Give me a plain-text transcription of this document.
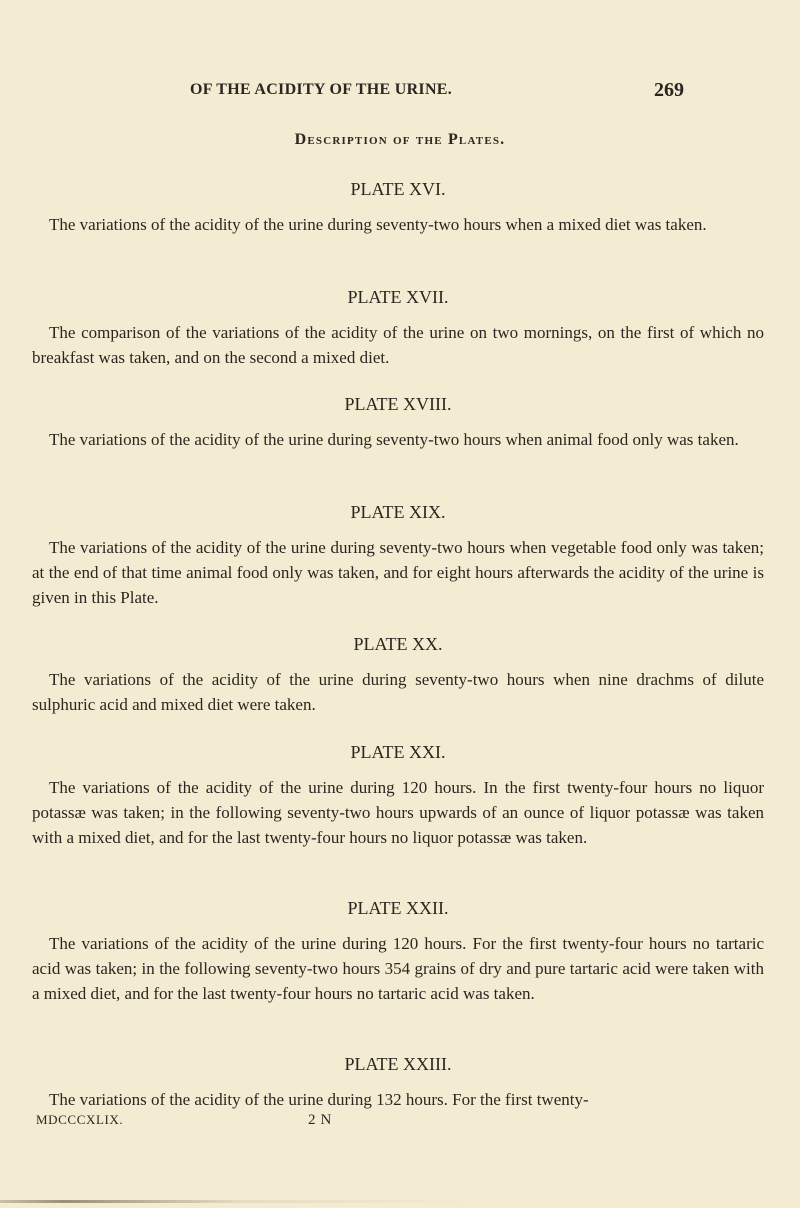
OF THE ACIDITY OF THE URINE.	269
Description of the Plates.
PLATE XVI.

The variations of the acidity of the urine during seventy-two hours when a mixed diet was taken.

PLATE XVII.

The comparison of the variations of the acidity of the urine on two mornings, on the first of which no breakfast was taken, and on the second a mixed diet.

PLATE XVIII.

The variations of the acidity of the urine during seventy-two hours when animal food only was taken.

PLATE XIX.

The variations of the acidity of the urine during seventy-two hours when vegetable food only was taken; at the end of that time animal food only was taken, and for eight hours afterwards the acidity of the urine is given in this Plate.

PLATE XX.

The variations of the acidity of the urine during seventy-two hours when nine drachms of dilute sulphuric acid and mixed diet were taken.

PLATE XXI.

The variations of the acidity of the urine during 120 hours. In the first twenty-four hours no liquor potassæ was taken; in the following seventy-two hours upwards of an ounce of liquor potassæ was taken with a mixed diet, and for the last twenty-four hours no liquor potassæ was taken.

PLATE XXII.

The variations of the acidity of the urine during 120 hours. For the first twenty-four hours no tartaric acid was taken; in the following seventy-two hours 354 grains of dry and pure tartaric acid were taken with a mixed diet, and for the last twenty-four hours no tartaric acid was taken.

PLATE XXIII.

The variations of the acidity of the urine during 132 hours. For the first twenty-

MDCCCXLIX.	2 N
